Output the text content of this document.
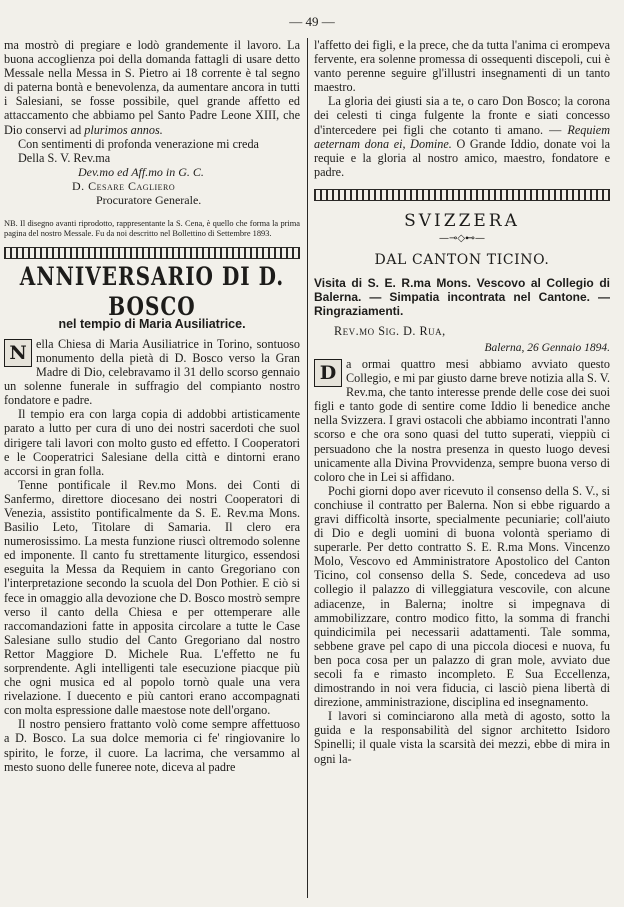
— 49 —

ma mostrò di pregiare e lodò grandemente il lavoro. La buona accoglienza poi della domanda fattagli di usare detto Messale nella Messa in S. Pietro ai 18 corrente è tal segno di paterna bontà e benevolenza, da aumentare ancora in tutti i Salesiani, se fosse possibile, quel grande affetto ed attaccamento che abbiamo pel Santo Padre Leone XIII, che Dio conservi ad plurimos annos.

Con sentimenti di profonda venerazione mi creda

Della S. V. Rev.ma

Dev.mo ed Aff.mo in G. C.
D. Cesare Cagliero
Procuratore Generale.
NB. Il disegno avanti riprodotto, rappresentante la S. Cena, è quello che forma la prima pagina del nostro Messale. Fu da noi descritto nel Bollettino di Settembre 1893.
ANNIVERSARIO DI D. BOSCO
nel tempio di Maria Ausiliatrice.

N ella Chiesa di Maria Ausiliatrice in Torino, sontuoso monumento della pietà di D. Bosco verso la Gran Madre di Dio, celebravamo il 31 dello scorso gennaio un solenne funerale in suffragio del compianto nostro fondatore e padre.

Il tempio era con larga copia di addobbi artisticamente parato a lutto per cura di uno dei nostri sacerdoti che suol dirigere tali lavori con molto gusto ed effetto. I Cooperatori e le Cooperatrici Salesiane della città e dintorni erano accorsi in gran folla.

Tenne pontificale il Rev.mo Mons. dei Conti di Sanfermo, direttore diocesano dei nostri Cooperatori di Venezia, assistito pontificalmente da S. E. Rev.ma Mons. Basilio Leto, Titolare di Samaria. Il clero era numerosissimo. La mesta funzione riuscì oltremodo solenne ed imponente. Il canto fu strettamente liturgico, essendosi eseguita la Messa da Requiem in canto Gregoriano con l'interpretazione secondo la scuola del Don Pothier. E ciò si fece in omaggio alla devozione che D. Bosco mostrò sempre verso il canto della Chiesa e per ottemperare alle raccomandazioni fatte in apposita circolare a tutte le Case Salesiane sullo studio del Canto Gregoriano dal nostro Rettor Maggiore D. Michele Rua. L'effetto ne fu sorprendente. Agli intelligenti tale esecuzione piacque più che ogni musica ed al popolo tornò quale una vera rivelazione. I duecento e più cantori erano accompagnati con molta espressione dalle maestose note dell'organo.

Il nostro pensiero frattanto volò come sempre affettuoso a D. Bosco. La sua dolce memoria ci fe' ringiovanire lo spirito, le forze, il cuore. La lacrima, che versammo al mesto suono delle funeree note, diceva al padre

l'affetto dei figli, e la prece, che da tutta l'anima ci erompeva fervente, era solenne promessa di ossequenti discepoli, cui è vanto perenne seguire gl'illustri insegnamenti di un tanto maestro.

La gloria dei giusti sia a te, o caro Don Bosco; la corona dei celesti ti cinga fulgente la fronte e siati concesso d'intercedere pei figli che cotanto ti amano. — Requiem aeternam dona ei, Domine. O Grande Iddio, donate voi la requie e la gloria al nostro amico, maestro, fondatore e padre.

SVIZZERA
—⊸◇⊷—
DAL CANTON TICINO.
Visita di S. E. R.ma Mons. Vescovo al Collegio di Balerna. — Simpatia incontrata nel Cantone. — Ringraziamenti.
Rev.mo Sig. D. Rua,
Balerna, 26 Gennaio 1894.

D a ormai quattro mesi abbiamo avviato questo Collegio, e mi par giusto darne breve notizia alla S. V. Rev.ma, che tanto interesse prende delle cose dei suoi figli e tanto gode di sentire come Iddio li benedice anche nella Svizzera. I gravi ostacoli che abbiamo incontrati l'anno scorso e che ora sono quasi del tutto superati, vieppiù ci persuadono che la nostra presenza in questo luogo devesi unicamente alla Divina Provvidenza, sempre buona verso di coloro che in Lei si affidano.

Pochi giorni dopo aver ricevuto il consenso della S. V., si conchiuse il contratto per Balerna. Non si ebbe riguardo a gravi difficoltà insorte, specialmente pecuniarie; coll'aiuto di Dio e degli uomini di buona volontà speriamo di superarle. Per detto contratto S. E. R.ma Mons. Vincenzo Molo, Vescovo ed Amministratore Apostolico del Canton Ticino, col consenso della S. Sede, concedeva ad uso collegio il palazzo di villeggiatura vescovile, con alcune adiacenze, in Balerna; inoltre si impegnava di ammobilizzare, contro modico fitto, la somma di franchi quindicimila pei necessarii adattamenti. Tale somma, sebbene grave pel capo di una piccola diocesi e nuova, fu ben poca cosa per un palazzo di gran mole, avviato due secoli fa e rimasto incompleto. E Sua Eccellenza, dimostrando in noi vera fiducia, ci lasciò piena libertà di direzione, amministrazione, disciplina ed insegnamento.

I lavori si cominciarono alla metà di agosto, sotto la guida e la responsabilità del signor architetto Isidoro Spinelli; il quale vista la scarsità dei mezzi, ebbe di mira in ogni la-
